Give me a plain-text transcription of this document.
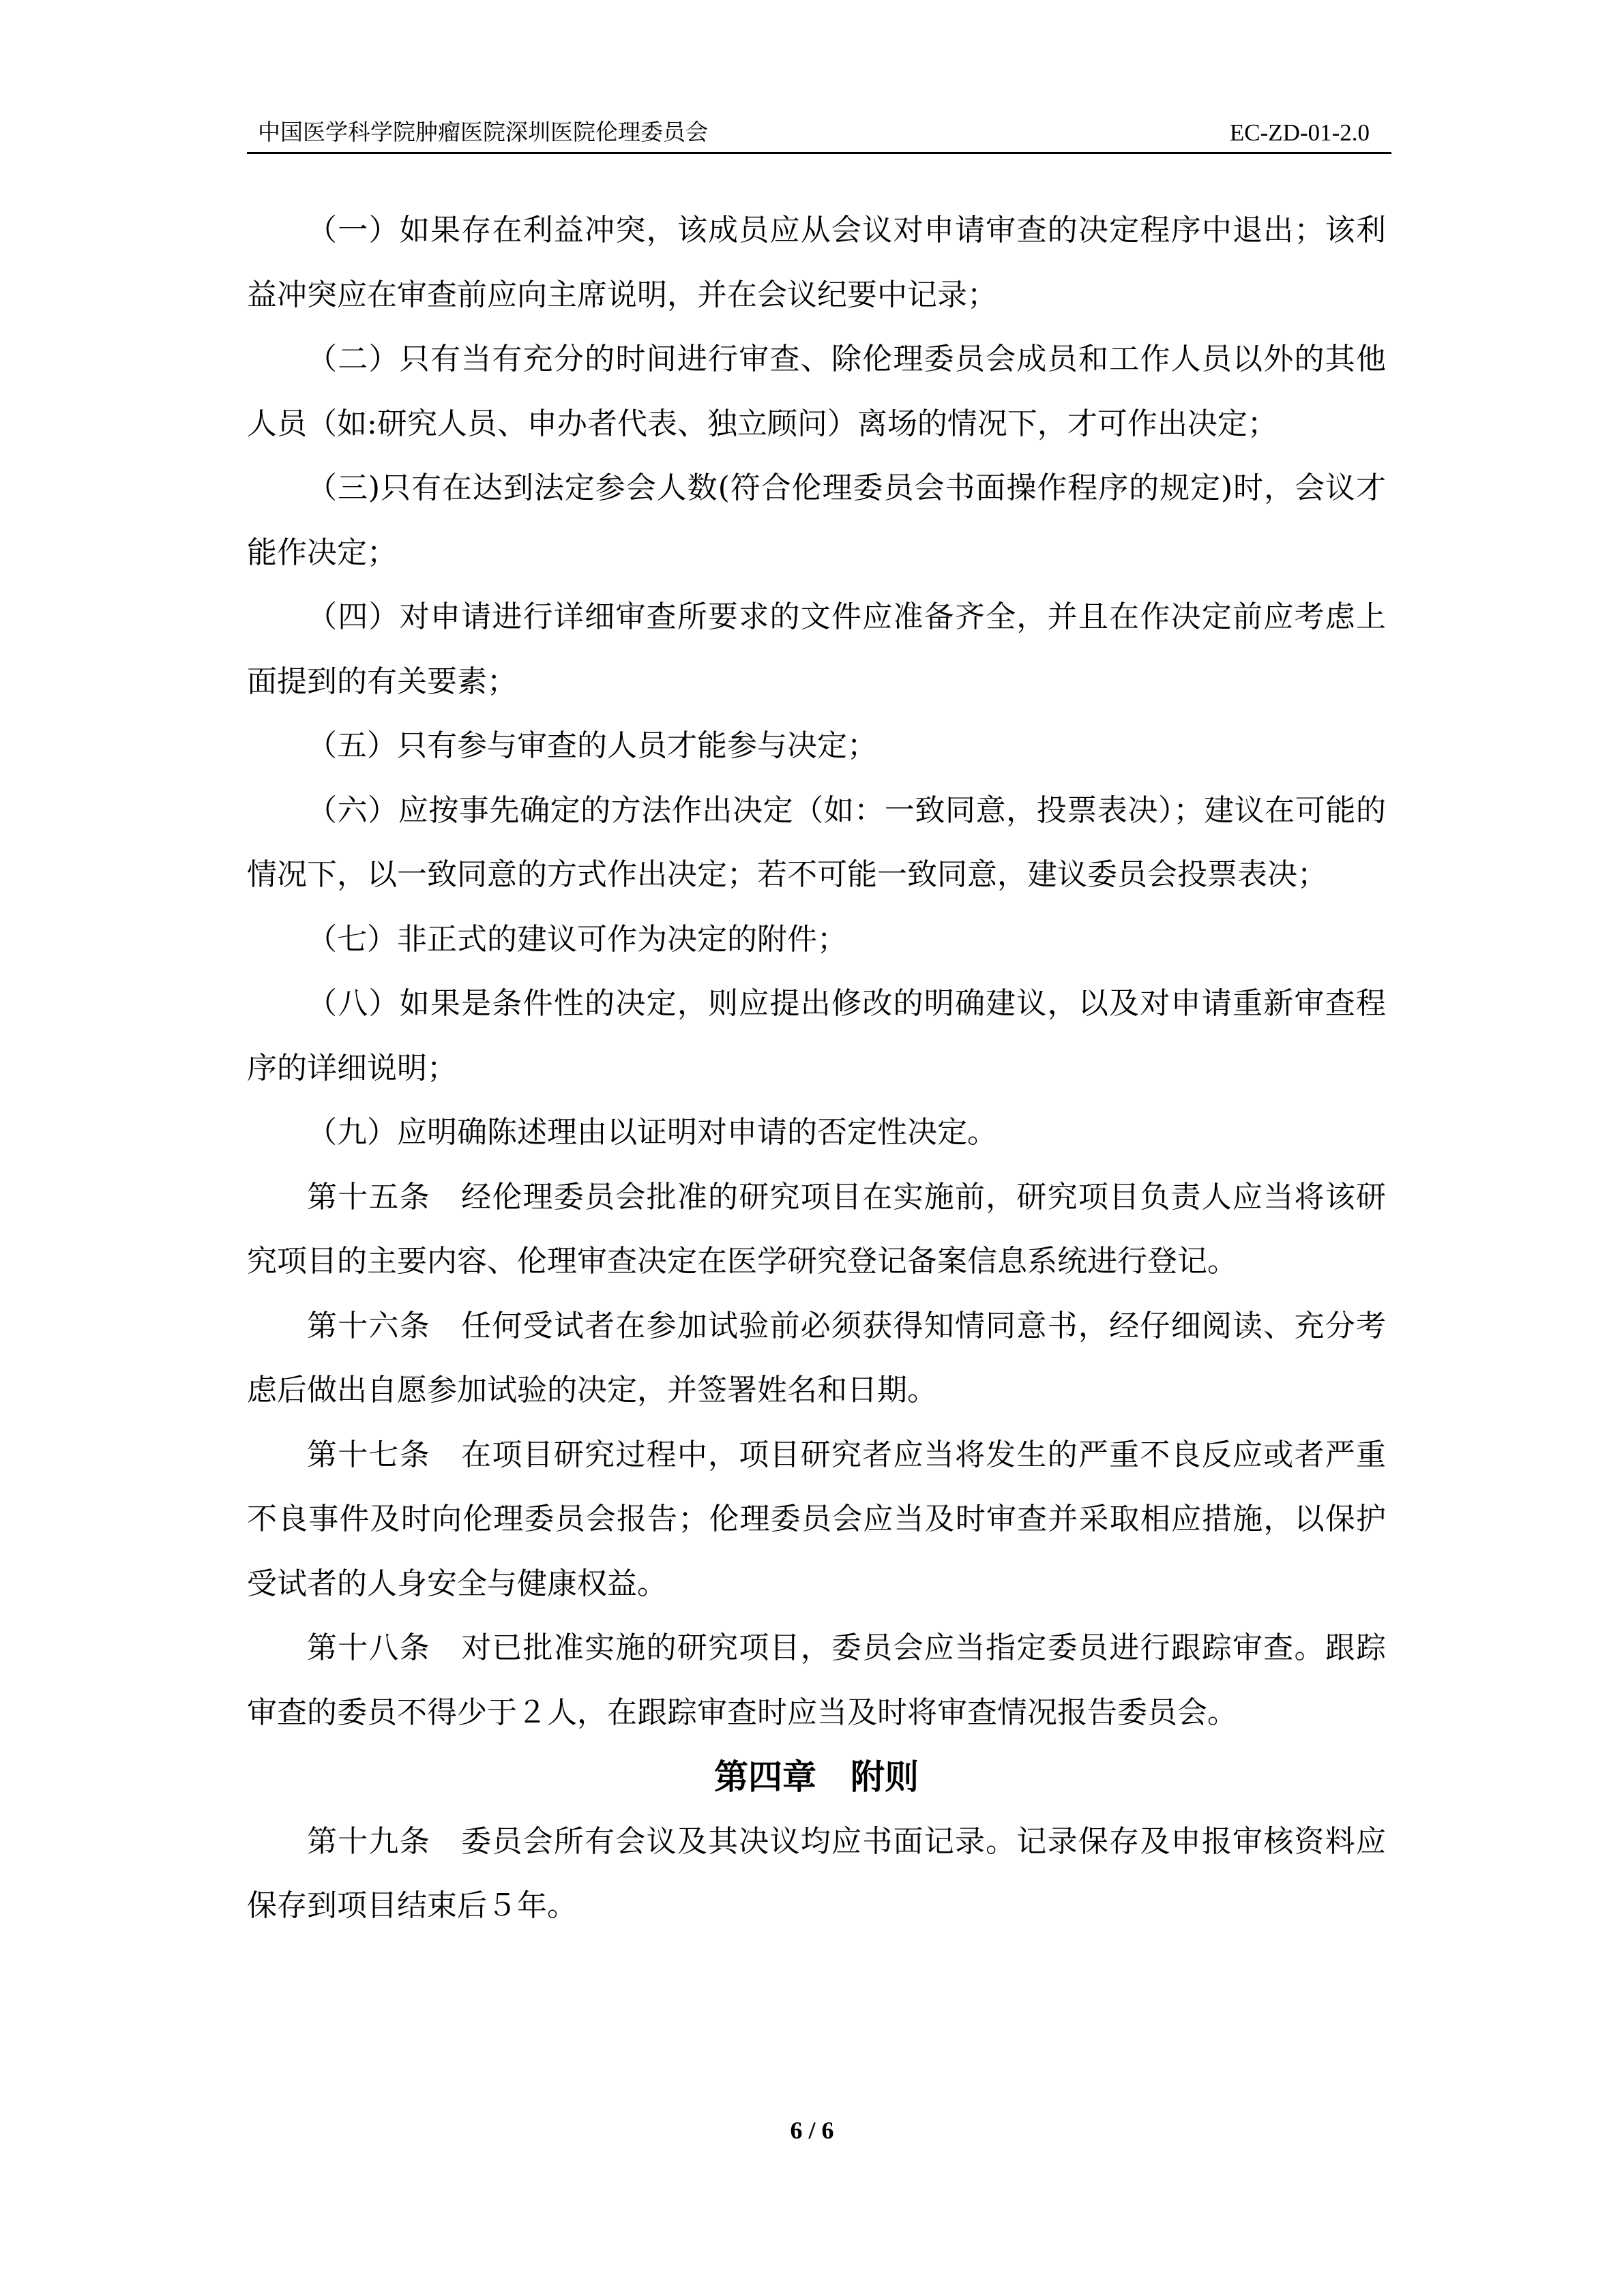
中国医学科学院肿瘤医院深圳医院伦理委员会	EC-ZD-01-2.0

（一）如果存在利益冲突，该成员应从会议对申请审查的决定程序中退出；该利益冲突应在审查前应向主席说明，并在会议纪要中记录；

（二）只有当有充分的时间进行审查、除伦理委员会成员和工作人员以外的其他人员（如:研究人员、申办者代表、独立顾问）离场的情况下，才可作出决定；

（三)只有在达到法定参会人数(符合伦理委员会书面操作程序的规定)时，会议才能作决定；

（四）对申请进行详细审查所要求的文件应准备齐全，并且在作决定前应考虑上面提到的有关要素；

（五）只有参与审查的人员才能参与决定；

（六）应按事先确定的方法作出决定（如：一致同意，投票表决）；建议在可能的情况下，以一致同意的方式作出决定；若不可能一致同意，建议委员会投票表决；

（七）非正式的建议可作为决定的附件；

（八）如果是条件性的决定，则应提出修改的明确建议，以及对申请重新审查程序的详细说明；

（九）应明确陈述理由以证明对申请的否定性决定。

第十五条　经伦理委员会批准的研究项目在实施前，研究项目负责人应当将该研究项目的主要内容、伦理审查决定在医学研究登记备案信息系统进行登记。

第十六条　任何受试者在参加试验前必须获得知情同意书，经仔细阅读、充分考虑后做出自愿参加试验的决定，并签署姓名和日期。

第十七条　在项目研究过程中，项目研究者应当将发生的严重不良反应或者严重不良事件及时向伦理委员会报告；伦理委员会应当及时审查并采取相应措施，以保护受试者的人身安全与健康权益。

第十八条　对已批准实施的研究项目，委员会应当指定委员进行跟踪审查。跟踪审查的委员不得少于２人，在跟踪审查时应当及时将审查情况报告委员会。

第四章　附则

第十九条　委员会所有会议及其决议均应书面记录。记录保存及申报审核资料应保存到项目结束后５年。

6 / 6
